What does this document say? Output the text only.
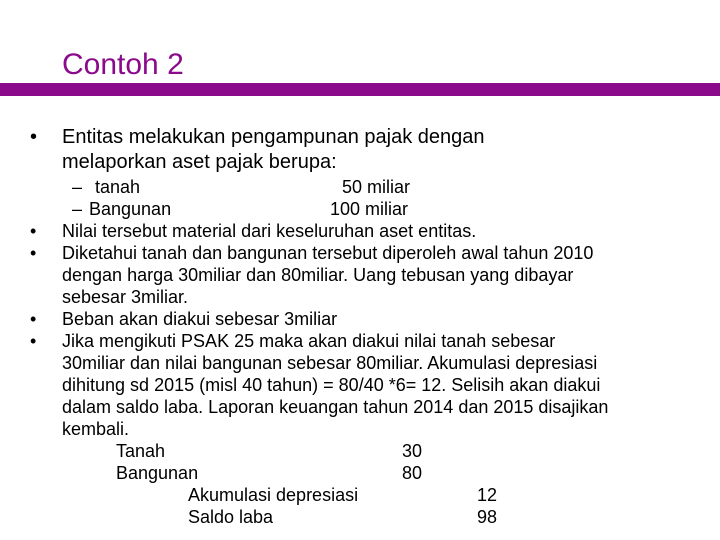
Contoh 2
• Entitas melakukan pengampunan pajak dengan
melaporkan aset pajak berupa:
– tanah	50 miliar
– Bangunan	100 miliar
• Nilai tersebut material dari keseluruhan aset entitas.
• Diketahui tanah dan bangunan tersebut diperoleh awal tahun 2010
dengan harga 30miliar dan 80miliar. Uang tebusan yang dibayar
sebesar 3miliar.
• Beban akan diakui sebesar 3miliar
• Jika mengikuti PSAK 25 maka akan diakui nilai tanah sebesar
30miliar dan nilai bangunan sebesar 80miliar. Akumulasi depresiasi
dihitung sd 2015 (misl 40 tahun) = 80/40 *6= 12. Selisih akan diakui
dalam saldo laba. Laporan keuangan tahun 2014 dan 2015 disajikan
kembali.
Tanah	30
Bangunan	80
Akumulasi depresiasi	12
Saldo laba	98
